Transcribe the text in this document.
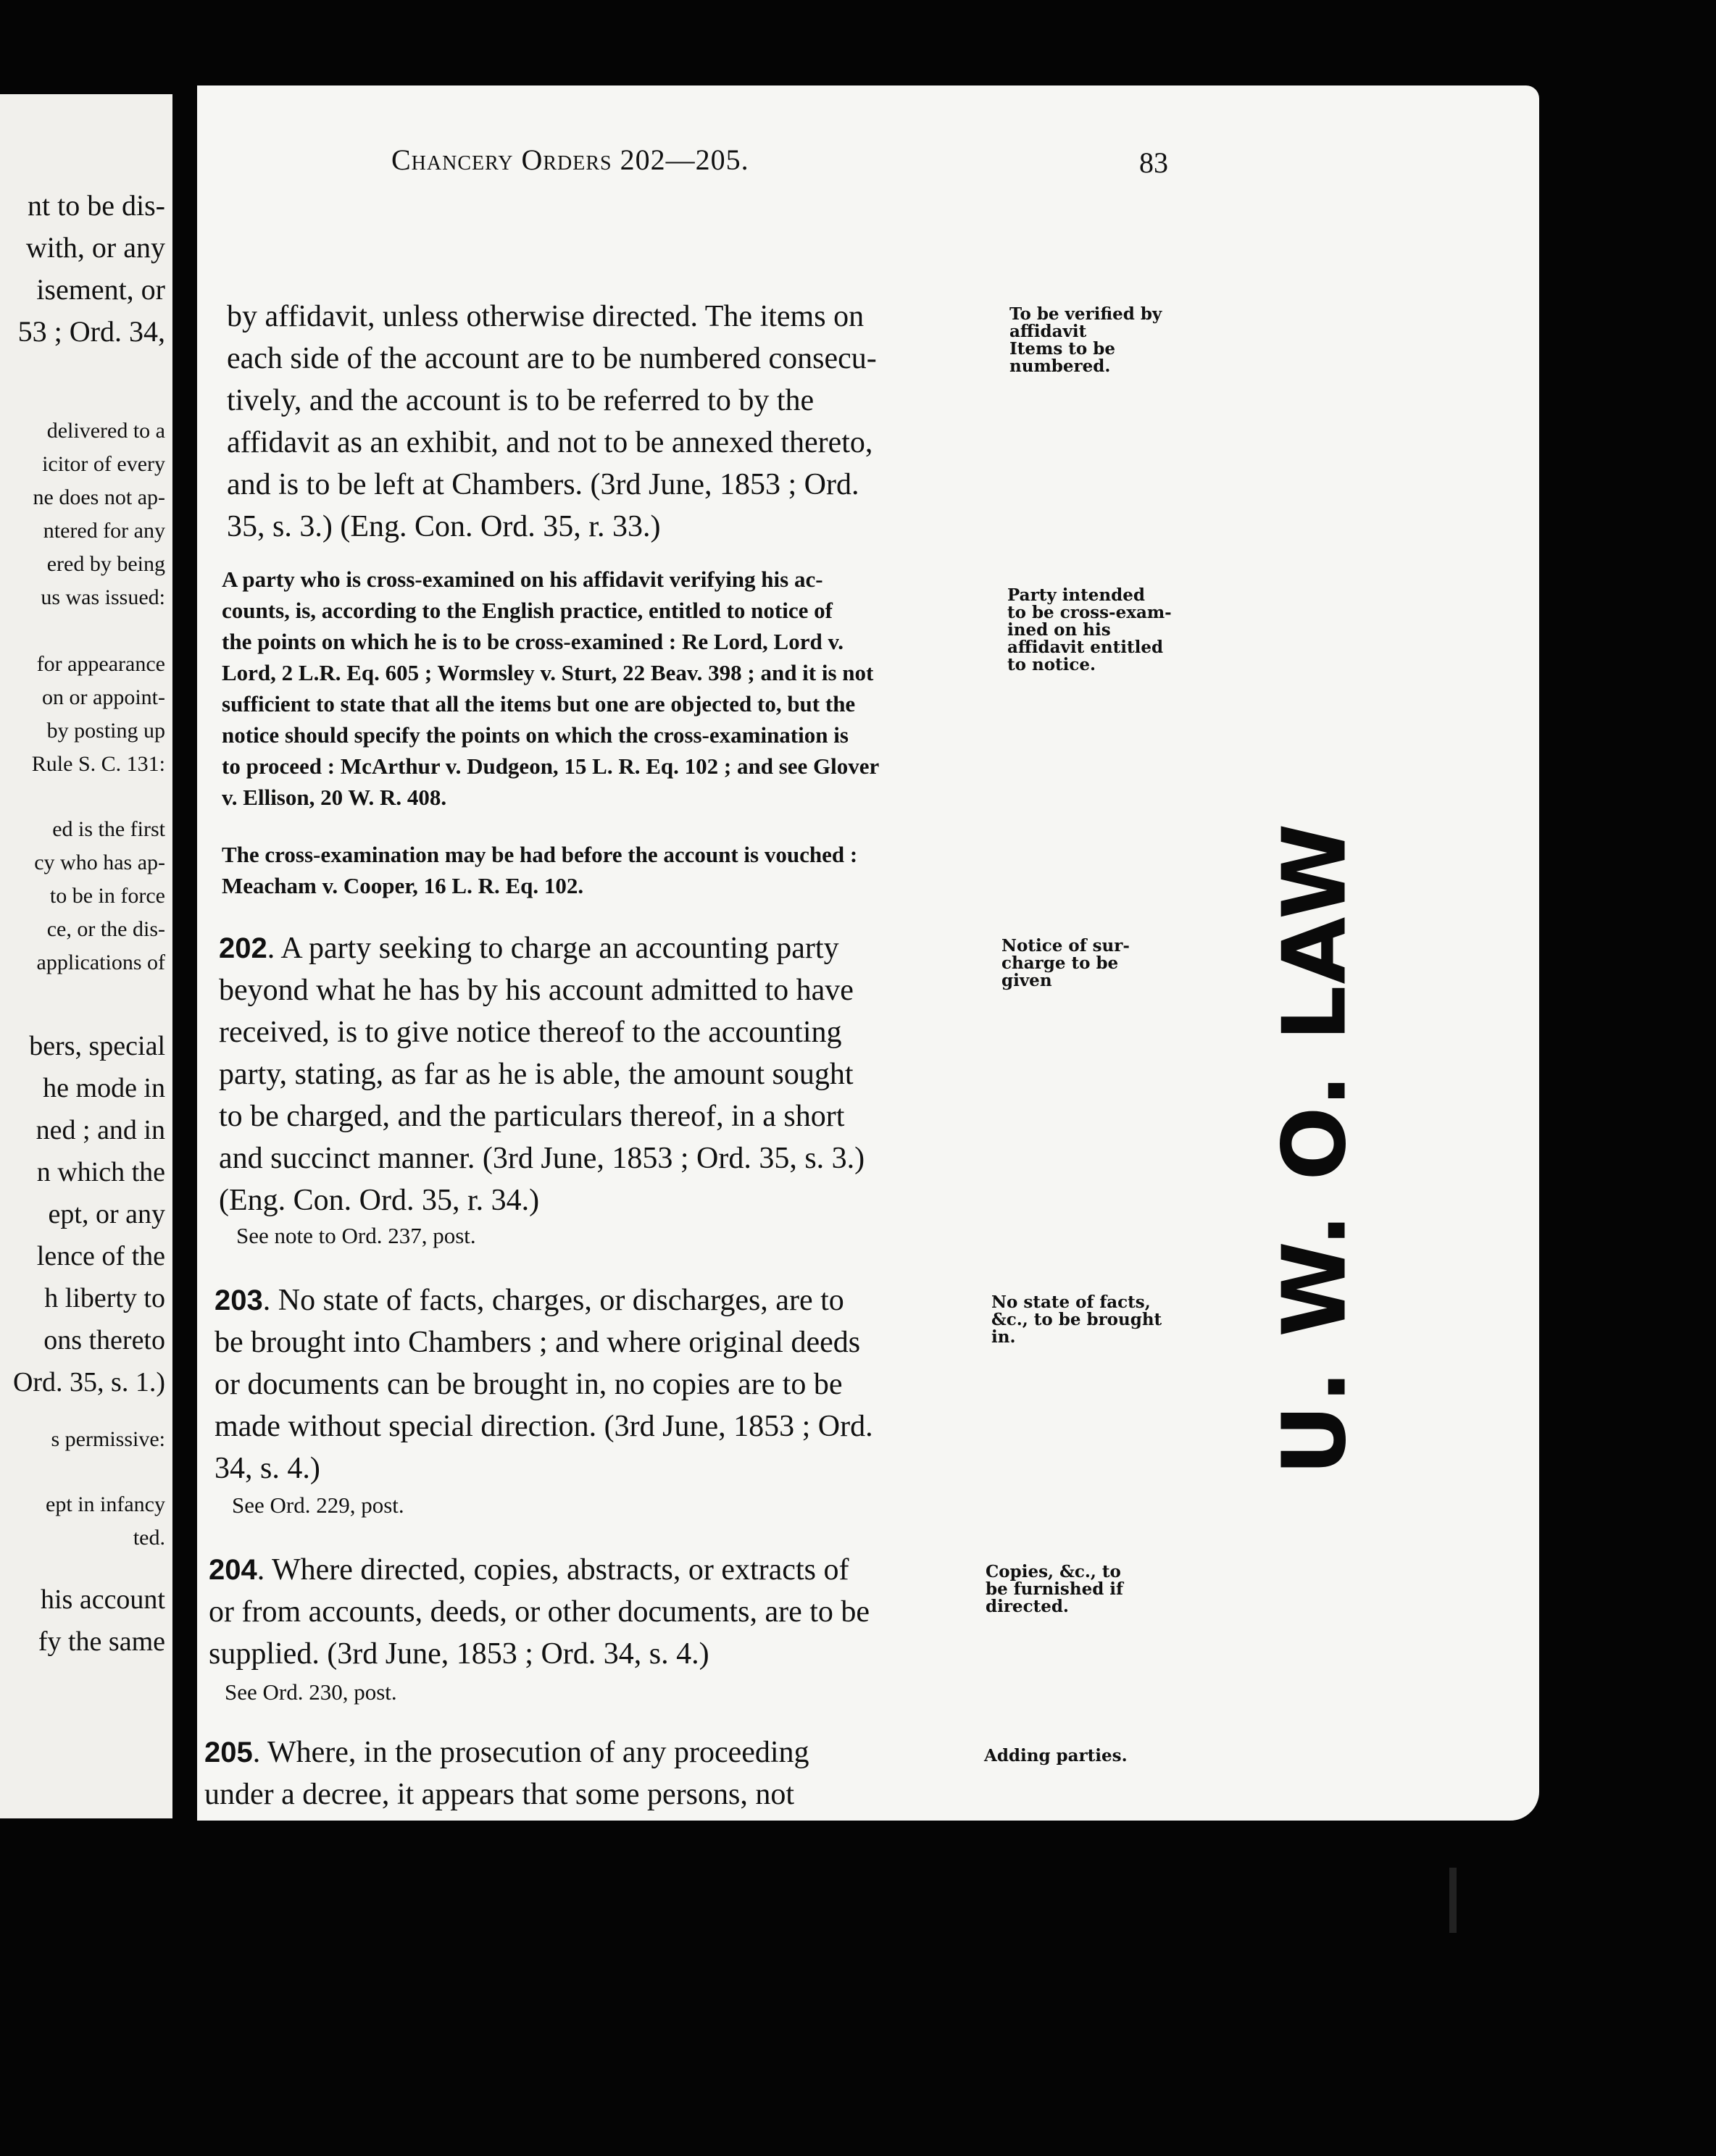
nt to be dis-
with, or any
isement, or
53 ; Ord. 34,
delivered to a
icitor of every
ne does not ap-
ntered for any
ered by being
us was issued:
for appearance
on or appoint-
by posting up
Rule S. C. 131:
ed is the first
cy who has ap-
to be in force
ce, or the dis-
applications of
bers, special
he mode in
ned ; and in
n which the
ept, or any
lence of the
h liberty to
ons thereto
Ord. 35, s. 1.)
s permissive:
ept in infancy
ted.
his account
fy the same
Chancery Orders 202—205.	83
by affidavit, unless otherwise directed. The items on
each side of the account are to be numbered consecu-
tively, and the account is to be referred to by the
affidavit as an exhibit, and not to be annexed thereto,
and is to be left at Chambers. (3rd June, 1853 ; Ord.
35, s. 3.) (Eng. Con. Ord. 35, r. 33.)
A party who is cross-examined on his affidavit verifying his ac-
counts, is, according to the English practice, entitled to notice of
the points on which he is to be cross-examined : Re Lord, Lord v.
Lord, 2 L.R. Eq. 605 ; Wormsley v. Sturt, 22 Beav. 398 ; and it is not
sufficient to state that all the items but one are objected to, but the
notice should specify the points on which the cross-examination is
to proceed : McArthur v. Dudgeon, 15 L. R. Eq. 102 ; and see Glover
v. Ellison, 20 W. R. 408.
The cross-examination may be had before the account is vouched :
Meacham v. Cooper, 16 L. R. Eq. 102.
202. A party seeking to charge an accounting party
beyond what he has by his account admitted to have
received, is to give notice thereof to the accounting
party, stating, as far as he is able, the amount sought
to be charged, and the particulars thereof, in a short
and succinct manner. (3rd June, 1853 ; Ord. 35, s. 3.)
(Eng. Con. Ord. 35, r. 34.)
See note to Ord. 237, post.
203. No state of facts, charges, or discharges, are to
be brought into Chambers ; and where original deeds
or documents can be brought in, no copies are to be
made without special direction. (3rd June, 1853 ; Ord.
34, s. 4.)
See Ord. 229, post.
204. Where directed, copies, abstracts, or extracts of
or from accounts, deeds, or other documents, are to be
supplied. (3rd June, 1853 ; Ord. 34, s. 4.)
See Ord. 230, post.
205. Where, in the prosecution of any proceeding
under a decree, it appears that some persons, not
To be verified by
affidavit
Items to be
numbered.
Party intended
to be cross-exam-
ined on his
affidavit entitled
to notice.
Notice of sur-
charge to be
given
No state of facts,
&c., to be brought
in.
Copies, &c., to
be furnished if
directed.
Adding parties.
U. W. O. LAW
